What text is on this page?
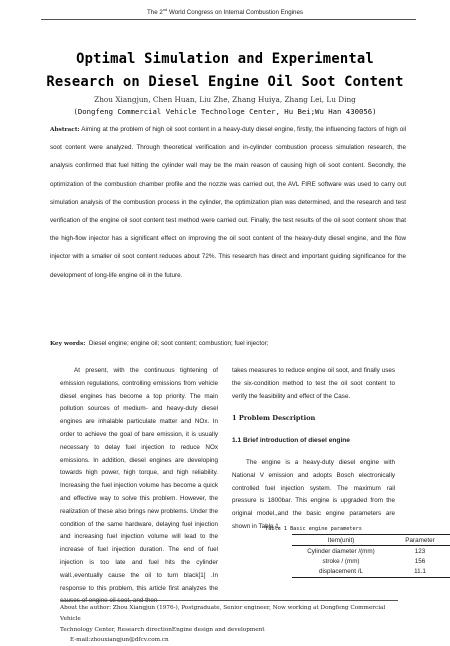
The 2nd World Congress on Internal Combustion Engines
Optimal Simulation and Experimental
Research on Diesel Engine Oil Soot Content
Zhou Xiangjun, Chen Huan, Liu Zhe, Zhang Huiya, Zhang Lei, Lu Ding
(Dongfeng Commercial Vehicle Technologe Center, Hu Bei;Wu Han 430056)
Abstract: Aiming at the problem of high oil soot content in a heavy-duty diesel engine, firstly, the influencing factors of high oil soot content were analyzed. Through theoretical verification and in-cylinder combustion process simulation research, the analysis confirmed that fuel hitting the cylinder wall may be the main reason of causing high oil soot content. Secondly, the optimization of the combustion chamber profile and the nozzle was carried out, the AVL FIRE software was used to carry out simulation analysis of the combustion process in the cylinder, the optimization plan was determined, and the research and test verification of the engine oil soot content test method were carried out. Finally, the test results of the oil soot content show that the high-flow injector has a significant effect on improving the oil soot content of the heavy-duty diesel engine, and the flow injector with a smaller oil soot content reduces about 72%. This research has direct and important guiding significance for the development of long-life engine oil in the future.
Key words: Diesel engine; engine oil; soot content; combustion; fuel injector;

At present, with the continuous tightening of emission regulations, controlling emissions from vehicle diesel engines has become a top priority. The main pollution sources of medium- and heavy-duty diesel engines are inhalable particulate matter and NOx. In order to achieve the goal of bare emission, it is usually necessary to delay fuel injection to reduce NOx emissions. In addition, diesel engines are developing towards high power, high torque, and high reliability. Increasing the fuel injection volume has become a quick and effective way to solve this problem. However, the realization of these also brings new problems. Under the condition of the same hardware, delaying fuel injection and increasing fuel injection volume will lead to the increase of fuel injection duration. The end of fuel injection is too late and fuel hits the cylinder wall.,eventually cause the oil to turn black[1] .In response to this problem, this article first analyzes the causes of engine oil soot, and then

takes measures to reduce engine oil soot, and finally uses the six-condition method to test the oil soot content to verify the feasibility and effect of the Case.

1 Problem Description
1.1 Brief introduction of diesel engine

The engine is a heavy-duty diesel engine with National V emission and adopts Bosch electronically controlled fuel injection system. The maximum rail pressure is 1800bar. This engine is upgraded from the original model.,and the basic engine parameters are shown in Table 1.

Table 1 Basic engine parameters
Item(unit)	Parameter
Cylinder diameter /(mm)	123
stroke / (mm)	156
displacement /L	11.1
About the author: Zhou Xiangjun (1976-), Postgraduate, Senior engineer, Now working at Dongfeng Commercial Vehicle
Technology Center, Research directionEngine design and development
E-mail:zhouxiangjun@dfcv.com.cn
